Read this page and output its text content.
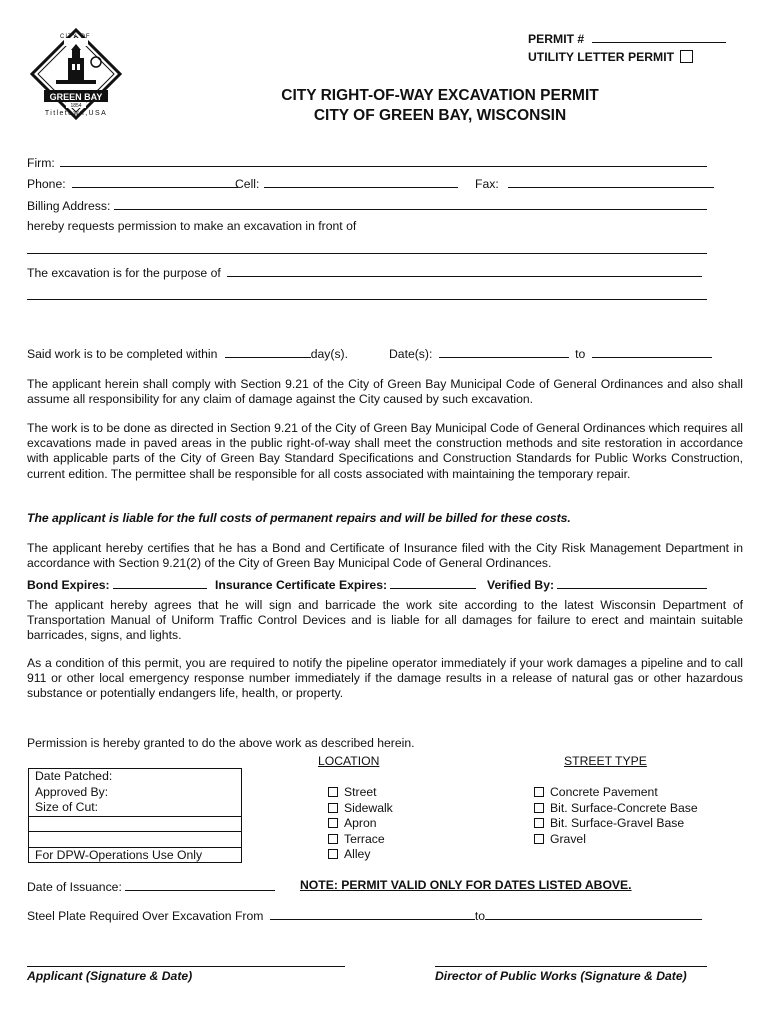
CITY OF
GREEN BAY
1854
Titletown,USA
PERMIT #
UTILITY LETTER PERMIT
CITY RIGHT-OF-WAY EXCAVATION PERMIT
CITY OF GREEN BAY, WISCONSIN
Firm:
Phone:	Cell:	Fax:
Billing Address:
hereby requests permission to make an excavation in front of
The excavation is for the purpose of
Said work is to be completed within	day(s).	Date(s):	to
The applicant herein shall comply with Section 9.21 of the City of Green Bay Municipal Code of General Ordinances and also shall assume all responsibility for any claim of damage against the City caused by such excavation.
The work is to be done as directed in Section 9.21 of the City of Green Bay Municipal Code of General Ordinances which requires all excavations made in paved areas in the public right-of-way shall meet the construction methods and site restoration in accordance with applicable parts of the City of Green Bay Standard Specifications and Construction Standards for Public Works Construction, current edition. The permittee shall be responsible for all costs associated with maintaining the temporary repair.
The applicant is liable for the full costs of permanent repairs and will be billed for these costs.
The applicant hereby certifies that he has a Bond and Certificate of Insurance filed with the City Risk Management Department in accordance with Section 9.21(2) of the City of Green Bay Municipal Code of General Ordinances.
Bond Expires:	Insurance Certificate Expires:	Verified By:
The applicant hereby agrees that he will sign and barricade the work site according to the latest Wisconsin Department of Transportation Manual of Uniform Traffic Control Devices and is liable for all damages for failure to erect and maintain suitable barricades, signs, and lights.
As a condition of this permit, you are required to notify the pipeline operator immediately if your work damages a pipeline and to call 911 or other local emergency response number immediately if the damage results in a release of natural gas or other hazardous substance or potentially endangers life, health, or property.
Permission is hereby granted to do the above work as described herein.
Date Patched:
Approved By:
Size of Cut:
For DPW-Operations Use Only
LOCATION
Street
Sidewalk
Apron
Terrace
Alley
STREET TYPE
Concrete Pavement
Bit. Surface-Concrete Base
Bit. Surface-Gravel Base
Gravel
Date of Issuance:	NOTE: PERMIT VALID ONLY FOR DATES LISTED ABOVE.
Steel Plate Required Over Excavation From	to
Applicant (Signature & Date)	Director of Public Works (Signature & Date)
